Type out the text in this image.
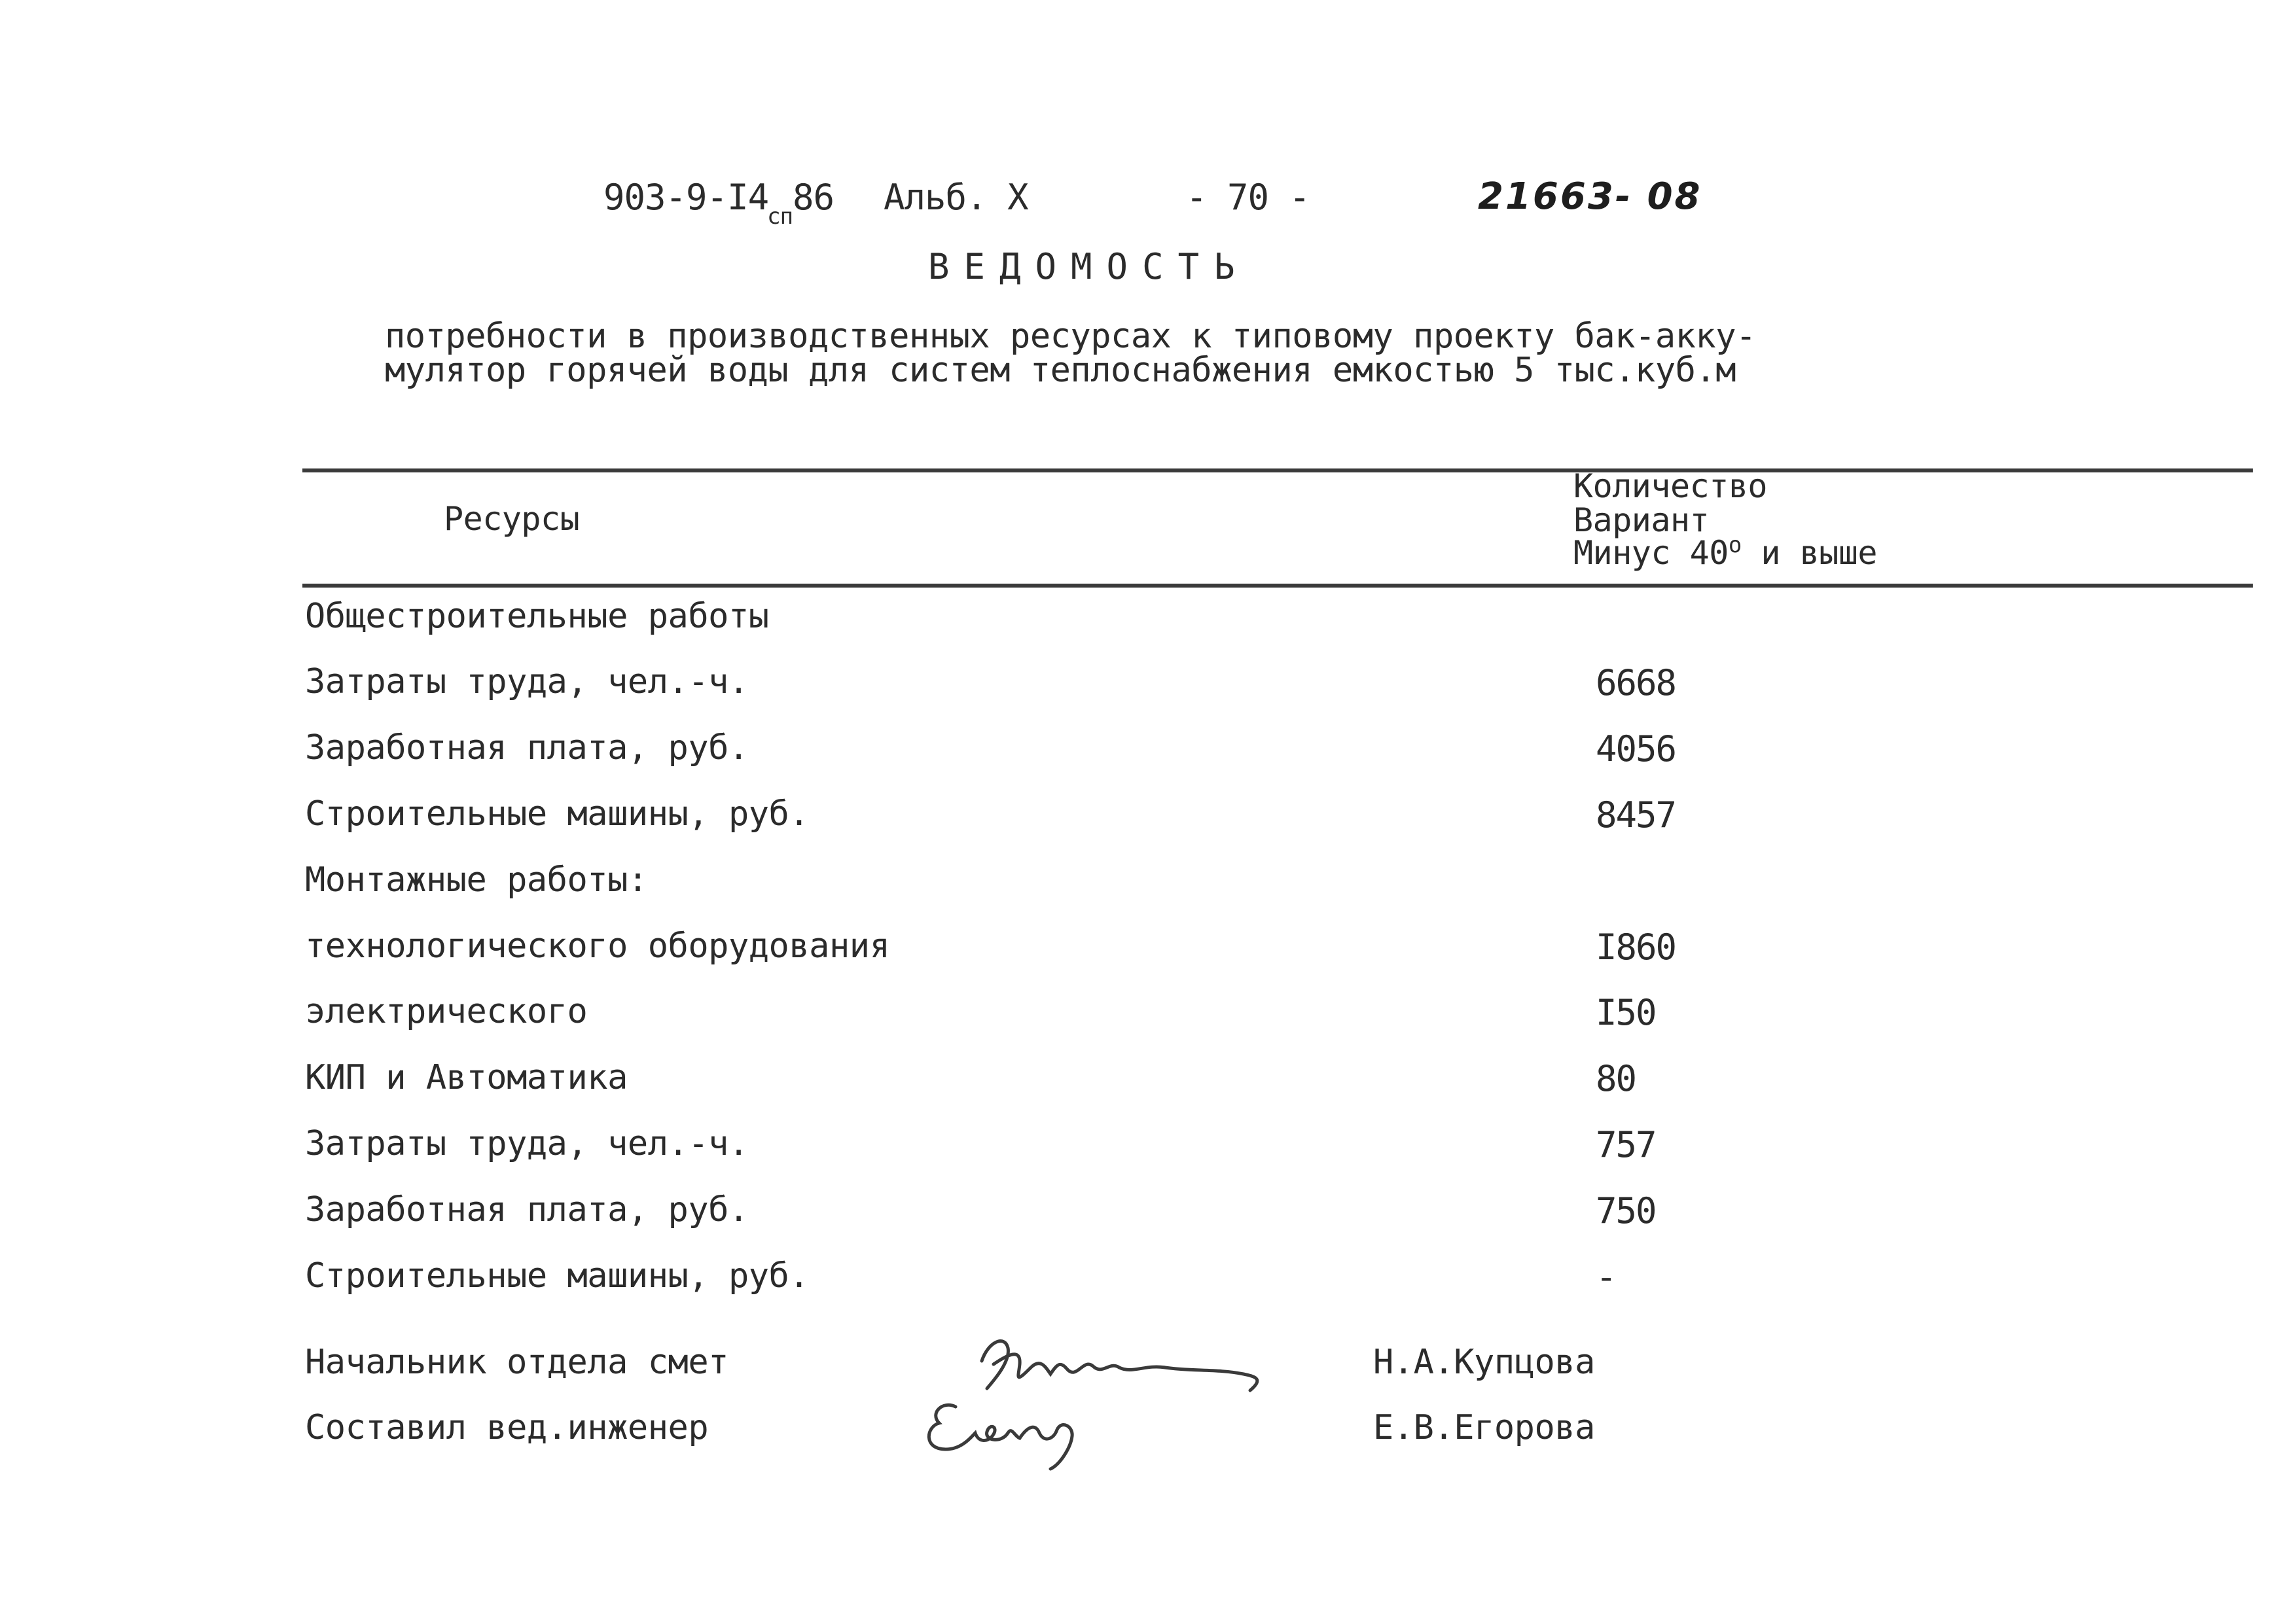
$903-9-I4_{сп}86$ Альб. X	- 70 -	21663- 08
ВЕДОМОСТЬ
потребности в производственных ресурсах к типовому проекту бак-акку-
мулятор горячей воды для систем теплоснабжения емкостью 5 тыс.куб.м
Ресурсы
Количество
Вариант
Минус $40^о$ и выше
Общестроительные работы
Затраты труда, чел.-ч.	6668
Заработная плата, руб.	4056
Строительные машины, руб.	8457
Монтажные работы:
технологического оборудования	I860
электрического	I50
КИП и Автоматика	80
Затраты труда, чел.-ч.	757
Заработная плата, руб.	750
Строительные машины, руб.	-
Начальник отдела смет	Н.А.Купцова
Составил вед.инженер	Е.В.Егорова
